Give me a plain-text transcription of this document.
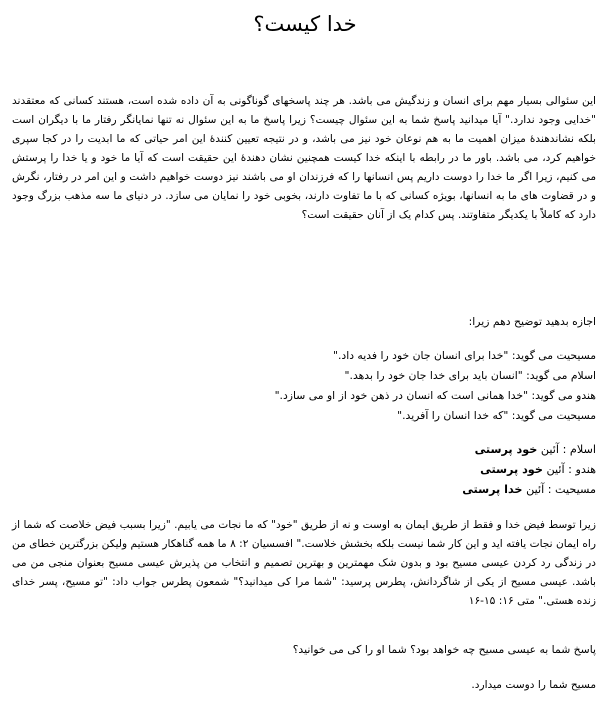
خدا کیست؟

این سئوالی بسیار مهم برای انسان و زندگیش می باشد. هر چند پاسخهای گوناگونی به آن داده شده است، هستند کسانی که معتقدند "خدایی وجود ندارد." آیا میدانید پاسخ شما به این سئوال چیست؟ زیرا پاسخ ما به این سئوال نه تنها نمایانگر رفتار ما با دیگران است بلکه نشاندهندهٔ میزان اهمیت ما به هم نوعان خود نیز می باشد، و در نتیجه تعیین کنندهٔ این امر حیاتی که ما ابدیت را در کجا سپری خواهیم کرد، می باشد. باور ما در رابطه با اینکه خدا کیست همچنین نشان دهندهٔ این حقیقت است که آیا ما خود و یا خدا را پرستش می کنیم، زیرا اگر ما خدا را دوست داریم پس انسانها را که فرزندان او می باشند نیز دوست خواهیم داشت و این امر در رفتار، نگرش و در قضاوت های ما به انسانها، بویژه کسانی که با ما تفاوت دارند، بخوبی خود را نمایان می سازد. در دنیای ما سه مذهب بزرگ وجود دارد که کاملاً با یکدیگر متفاوتند. پس کدام یک از آنان حقیقت است؟

اجازه بدهید توضیح دهم زیرا:

مسیحیت می گوید: "خدا برای انسان جان خود را فدیه داد."

اسلام می گوید: "انسان باید برای خدا جان خود را بدهد."

هندو می گوید: "خدا همانی است که انسان در ذهن خود از او می سازد."

مسیحیت می گوید: "که خدا انسان را آفرید."

اسلام : آئین خود پرستی

هندو : آئین خود پرستی

مسیحیت : آئین خدا پرستی

زیرا توسط فیض خدا و فقط از طریق ایمان به اوست و نه از طریق "خود" که ما نجات می یابیم. "زیرا بسبب فیض خلاصت که شما از راه ایمان نجات یافته اید و این کار شما نیست بلکه بخشش خلاست." افسسیان ۲: ۸ ما همه گناهکار هستیم ولیکن بزرگترین خطای من در زندگی رد کردن عیسی مسیح بود و بدون شک مهمترین و بهترین تصمیم و انتخاب من پذیرش عیسی مسیح بعنوان منجی من می باشد. عیسی مسیح از یکی از شاگردانش، پطرس پرسید: "شما مرا کی میدانید؟" شمعون پطرس جواب داد: "تو مسیح، پسر خدای زنده هستی." متی ۱۶: ۱۵-۱۶

پاسخ شما به عیسی مسیح چه خواهد بود؟ شما او را کی می خوانید؟

مسیح شما را دوست میدارد.
